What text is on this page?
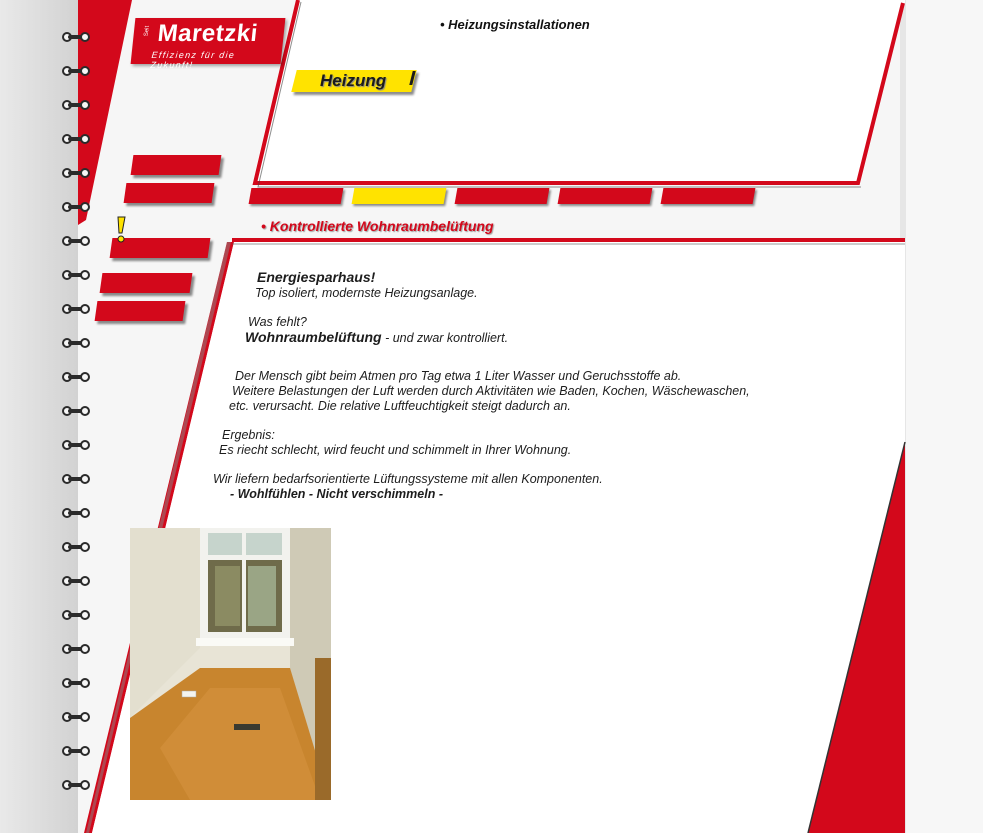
Seit Maretzki
Effizienz für die Zukunft!
• Heizungsinstallationen
Heizung
• Kontrollierte Wohnraumbelüftung
Energiesparhaus!
Top isoliert, modernste Heizungsanlage.
Was fehlt?
Wohnraumbelüftung - und zwar kontrolliert.
Der Mensch gibt beim Atmen pro Tag etwa 1 Liter Wasser und Geruchsstoffe ab.
Weitere Belastungen der Luft werden durch Aktivitäten wie Baden, Kochen, Wäschewaschen,
etc. verursacht. Die relative Luftfeuchtigkeit steigt dadurch an.
Ergebnis:
Es riecht schlecht, wird feucht und schimmelt in Ihrer Wohnung.
Wir liefern bedarfsorientierte Lüftungssysteme mit allen Komponenten.
- Wohlfühlen - Nicht verschimmeln -
